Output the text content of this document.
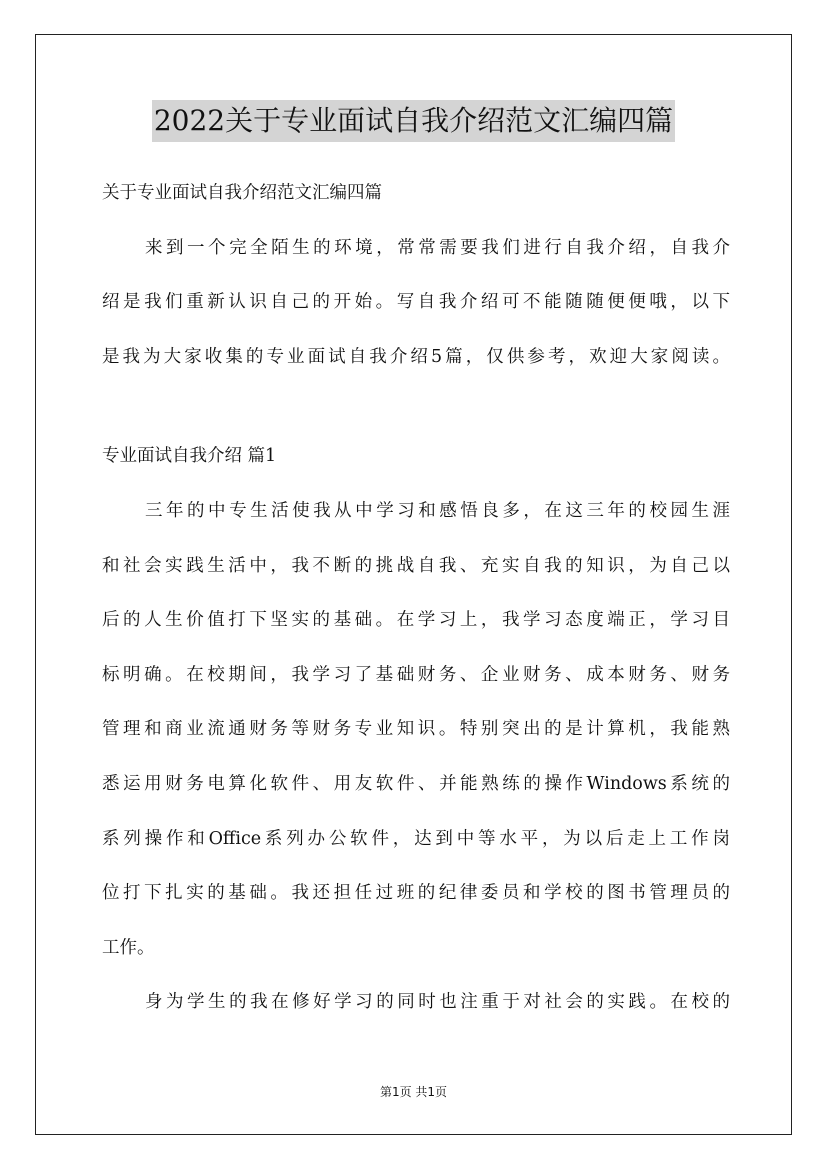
2022关于专业面试自我介绍范文汇编四篇
关于专业面试自我介绍范文汇编四篇
来到一个完全陌生的环境，常常需要我们进行自我介绍，自我介
绍是我们重新认识自己的开始。写自我介绍可不能随随便便哦，以下
是我为大家收集的专业面试自我介绍5篇，仅供参考，欢迎大家阅读。
专业面试自我介绍 篇1
三年的中专生活使我从中学习和感悟良多，在这三年的校园生涯
和社会实践生活中，我不断的挑战自我、充实自我的知识，为自己以
后的人生价值打下坚实的基础。在学习上，我学习态度端正，学习目
标明确。在校期间，我学习了基础财务、企业财务、成本财务、财务
管理和商业流通财务等财务专业知识。特别突出的是计算机，我能熟
悉运用财务电算化软件、用友软件、并能熟练的操作Windows系统的
系列操作和Office系列办公软件，达到中等水平，为以后走上工作岗
位打下扎实的基础。我还担任过班的纪律委员和学校的图书管理员的
工作。
身为学生的我在修好学习的同时也注重于对社会的实践。在校的
第1页 共1页
